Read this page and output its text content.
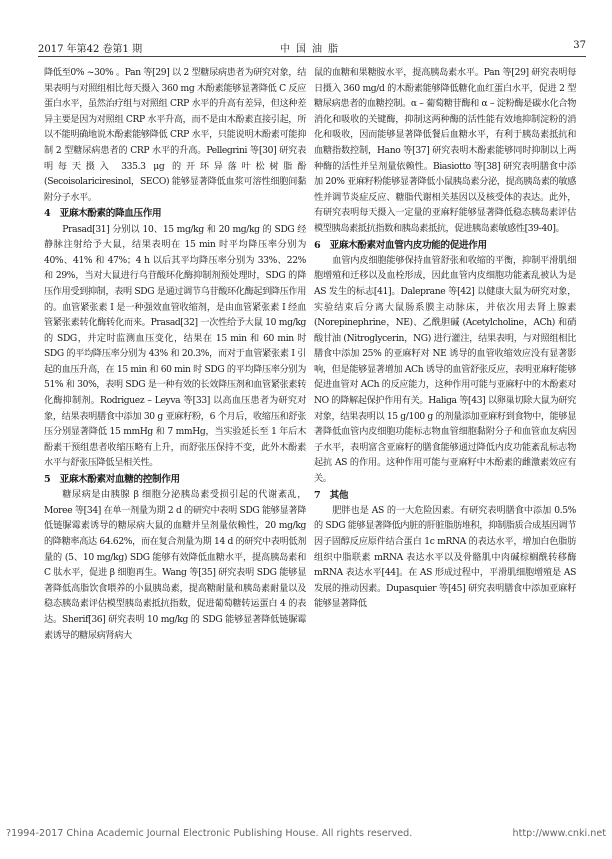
2017 年第42 卷第1 期	中国油脂	37

降低至0% ~30% 。Pan 等[29] 以 2 型糖尿病患者为研究对象，结果表明与对照组相比每天摄入 360 mg 木酚素能够显著降低 C 反应蛋白水平，虽然治疗组与对照组 CRP 水平的升高有差异，但这种差异主要是因为对照组 CRP 水平升高，而不是由木酚素直接引起，所以不能明确地说木酚素能够降低 CRP 水平，只能说明木酚素可能抑制 2 型糖尿病患者的 CRP 水平的升高。Pellegrini 等[30] 研究表明每天摄入 335.3 μg 的开环异落叶松树脂酚 (Secoisolariciresinol，SECO) 能够显著降低血浆可溶性细胞间黏附分子水平。

4　亚麻木酚素的降血压作用

Prasad[31] 分别以 10、15 mg/kg 和 20 mg/kg 的 SDG 经静脉注射给予大鼠，结果表明在 15 min 时平均降压率分别为 40%、41% 和 47%；4 h 以后其平均降压率分别为 33%、22% 和 29%，当对大鼠进行乌苷酸环化酶抑制剂预处理时，SDG 的降压作用受到抑制，表明 SDG 是通过调节乌苷酸环化酶起到降压作用的。血管紧张素 I 是一种强效血管收缩剂，是由血管紧张素 I 经血管紧张素转化酶转化而来。Prasad[32] 一次性给予大鼠 10 mg/kg 的 SDG，并定时监测血压变化，结果在 15 min 和 60 min 时 SDG 的平均降压率分别为 43% 和 20.3%，而对于血管紧张素 I 引起的血压升高，在 15 min 和 60 min 时 SDG 的平均降压率分别为 51% 和 30%，表明 SDG 是一种有效的长效降压剂和血管紧张素转化酶抑制剂。Rodriguez – Leyva 等[33] 以高血压患者为研究对象，结果表明膳食中添加 30 g 亚麻籽粉，6 个月后，收缩压和舒张压分别显著降低 15 mmHg 和 7 mmHg，当实验延长至 1 年后木酚素干预组患者收缩压略有上升，而舒张压保持不变，此外木酚素水平与舒张压降低呈相关性。

5　亚麻木酚素对血糖的控制作用

糖尿病是由胰腺 β 细胞分泌胰岛素受损引起的代谢紊乱，Moree 等[34] 在单一剂量为期 2 d 的研究中表明 SDG 能够显著降低链脲霉素诱导的糖尿病大鼠的血糖并呈剂量依赖性，20 mg/kg 的降糖率高达 64.62%，而在复合剂量为期 14 d 的研究中表明低剂量的 (5、10 mg/kg) SDG 能够有效降低血糖水平，提高胰岛素和 C 肽水平，促进 β 细胞再生。Wang 等[35] 研究表明 SDG 能够显著降低高脂饮食喂养的小鼠胰岛素，提高糖耐量和胰岛素耐量以及稳态胰岛素评估模型胰岛素抵抗指数，促进葡萄糖转运蛋白 4 的表达。Sherif[36] 研究表明 10 mg/kg 的 SDG 能够显著降低链脲霉素诱导的糖尿病肾病大

鼠的血糖和果糖胺水平，提高胰岛素水平。Pan 等[29] 研究表明每日摄入 360 mg/d 的木酚素能够降低糖化血红蛋白水平，促进 2 型糖尿病患者的血糖控制。α – 葡萄糖苷酶和 α – 淀粉酶是碳水化合物消化和吸收的关键酶，抑制这两种酶的活性能有效地抑制淀粉的消化和吸收，因而能够显著降低餐后血糖水平，有利于胰岛素抵抗和血糖指数控制，Hano 等[37] 研究表明木酚素能够同时抑制以上两种酶的活性并呈剂量依赖性。Biasiotto 等[38] 研究表明膳食中添加 20% 亚麻籽粉能够显著降低小鼠胰岛素分泌，提高胰岛素的敏感性并调节炎症反应、糖脂代谢相关基因以及核受体的表达。此外，有研究表明每天摄入一定量的亚麻籽能够显著降低稳态胰岛素评估模型胰岛素抵抗指数和胰岛素抵抗，促进胰岛素敏感性[39-40]。

6　亚麻木酚素对血管内皮功能的促进作用

血管内皮细胞能够保持血管舒张和收缩的平衡，抑制平滑肌细胞增殖和迁移以及血栓形成，因此血管内皮细胞功能紊乱被认为是 AS 发生的标志[41]。Daleprane 等[42] 以健康大鼠为研究对象，实验结束后分离大鼠肠系膜主动脉床，并依次用去肾上腺素 (Norepinephrine，NE)、乙酰胆碱 (Acetylcholine，ACh) 和硝酸甘油 (Nitroglycerin，NG) 进行灌注，结果表明，与对照组相比膳食中添加 25% 的亚麻籽对 NE 诱导的血管收缩效应没有显著影响，但是能够显著增加 ACh 诱导的血管舒张反应，表明亚麻籽能够促进血管对 ACh 的反应能力，这种作用可能与亚麻籽中的木酚素对 NO 的降解起保护作用有关。Haliga 等[43] 以卵巢切除大鼠为研究对象，结果表明以 15 g/100 g 的剂量添加亚麻籽到食物中，能够显著降低血管内皮细胞功能标志物血管细胞黏附分子和血管血友病因子水平，表明富含亚麻籽的膳食能够通过降低内皮功能紊乱标志物起抗 AS 的作用。这种作用可能与亚麻籽中木酚素的雌激素效应有关。

7　其他

肥胖也是 AS 的一大危险因素。有研究表明膳食中添加 0.5% 的 SDG 能够显著降低内脏的肝脏脂肪堆积，抑制脂质合成基因调节因子固醇反应原件结合蛋白 1c mRNA 的表达水平，增加白色脂肪组织中脂联素 mRNA 表达水平以及骨骼肌中肉碱棕榈酰转移酶 mRNA 表达水平[44]。在 AS 形成过程中，平滑肌细胞增殖是 AS 发展的推动因素。Dupasquier 等[45] 研究表明膳食中添加亚麻籽能够显著降低

?1994-2017 China Academic Journal Electronic Publishing House. All rights reserved.	http://www.cnki.net
